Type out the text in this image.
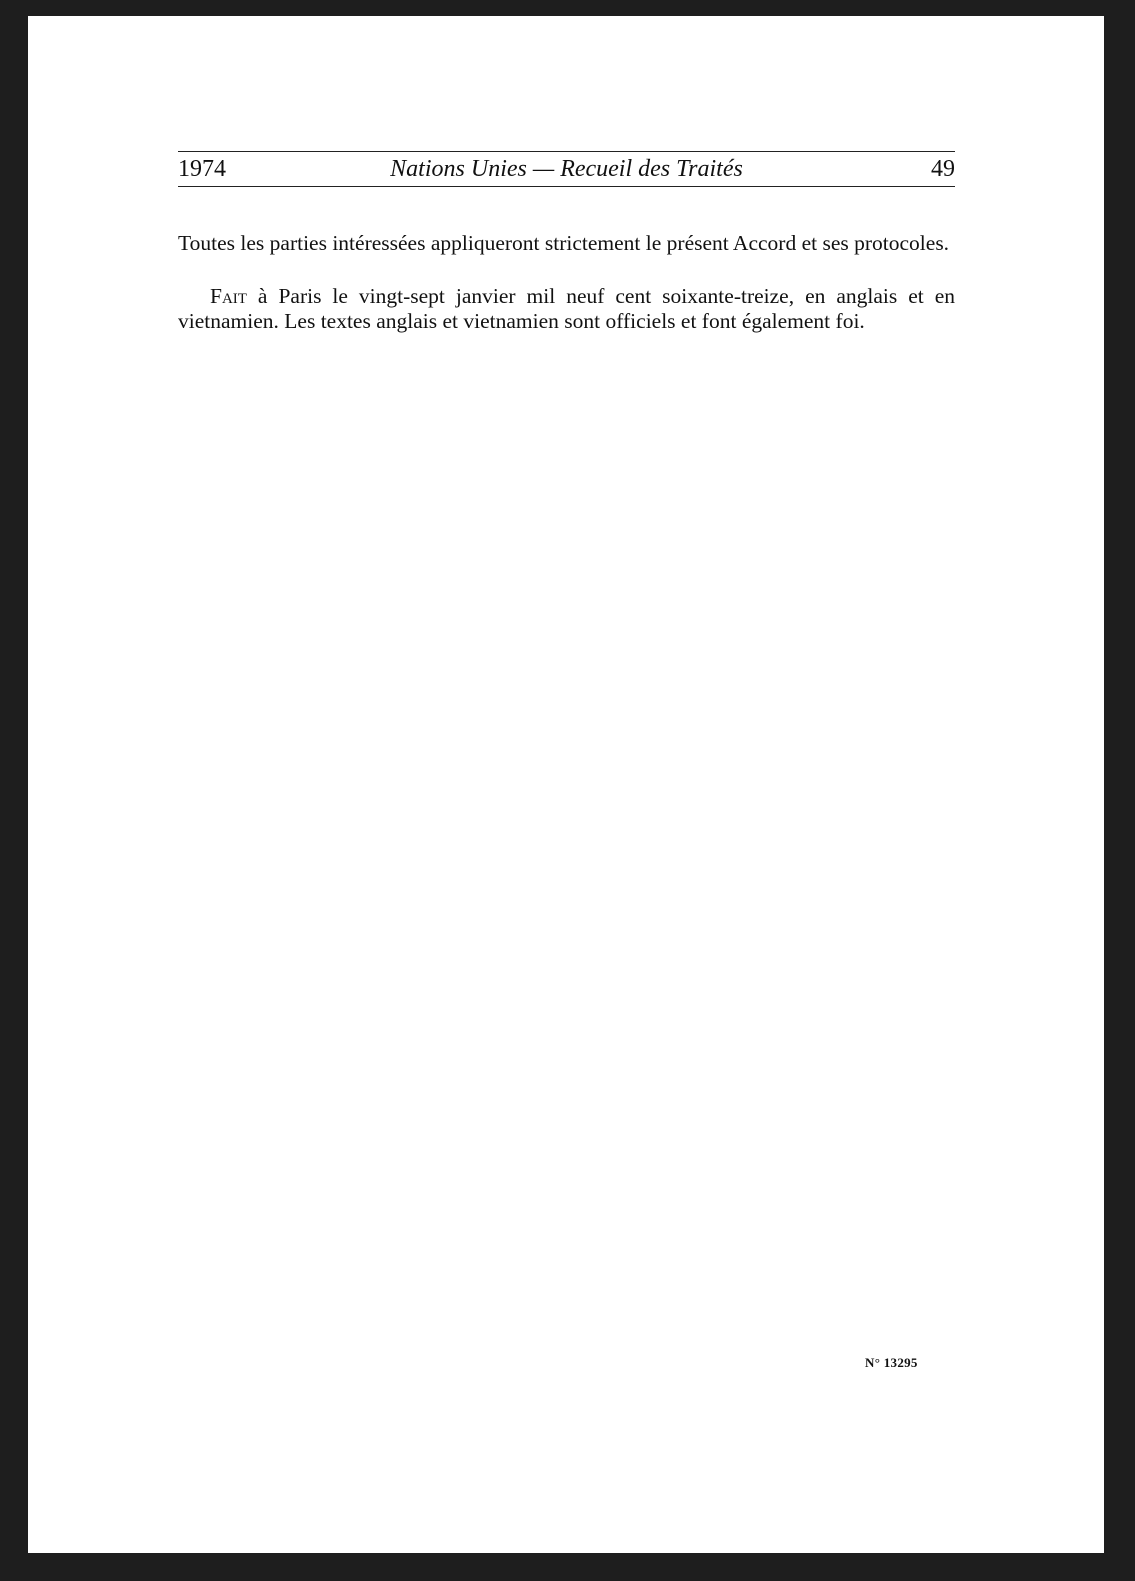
1974	Nations Unies — Recueil des Traités	49

Toutes les parties intéressées appliqueront strictement le présent Accord et ses protocoles.

Fait à Paris le vingt-sept janvier mil neuf cent soixante-treize, en anglais et en vietnamien. Les textes anglais et vietnamien sont officiels et font également foi.

N° 13295
